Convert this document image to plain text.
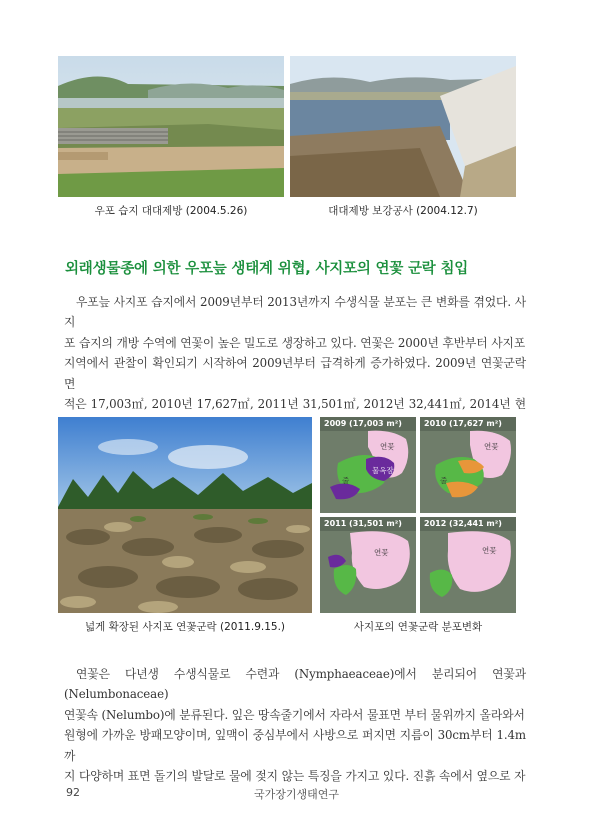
우포 습지 대대제방 (2004.5.26)	대대제방 보강공사 (2004.12.7)
외래생물종에 의한 우포늪 생태계 위협, 사지포의 연꽃 군락 침입

우포늪 사지포 습지에서 2009년부터 2013년까지 수생식물 분포는 큰 변화를 겪었다. 사지

포 습지의 개방 수역에 연꽃이 높은 밀도로 생장하고 있다. 연꽃은 2000년 후반부터 사지포

지역에서 관찰이 확인되기 시작하여 2009년부터 급격하게 증가하였다. 2009년 연꽃군락 면

적은 17,003㎡, 2010년 17,627㎡, 2011년 31,501㎡, 2012년 32,441㎡, 2014년 현

넓게 확장된 사지포 연꽃군락 (2011.9.15.)
2009 (17,003 m²)
연꽃
물옥잠
줄
2010 (17,627 m²)
연꽃
줄
2011 (31,501 m²)
연꽃
2012 (32,441 m²)
연꽃
사지포의 연꽃군락 분포변화

연꽃은 다년생 수생식물로 수련과 (Nymphaeaceae)에서 분리되어 연꽃과 (Nelumbonaceae)

연꽃속 (Nelumbo)에 분류된다. 잎은 땅속줄기에서 자라서 물표면 부터 물위까지 올라와서

원형에 가까운 방패모양이며, 잎맥이 중심부에서 사방으로 퍼지면 지름이 30cm부터 1.4m까

지 다양하며 표면 돌기의 발달로 물에 젖지 않는 특징을 가지고 있다. 진흙 속에서 옆으로 자

92	국가장기생태연구
